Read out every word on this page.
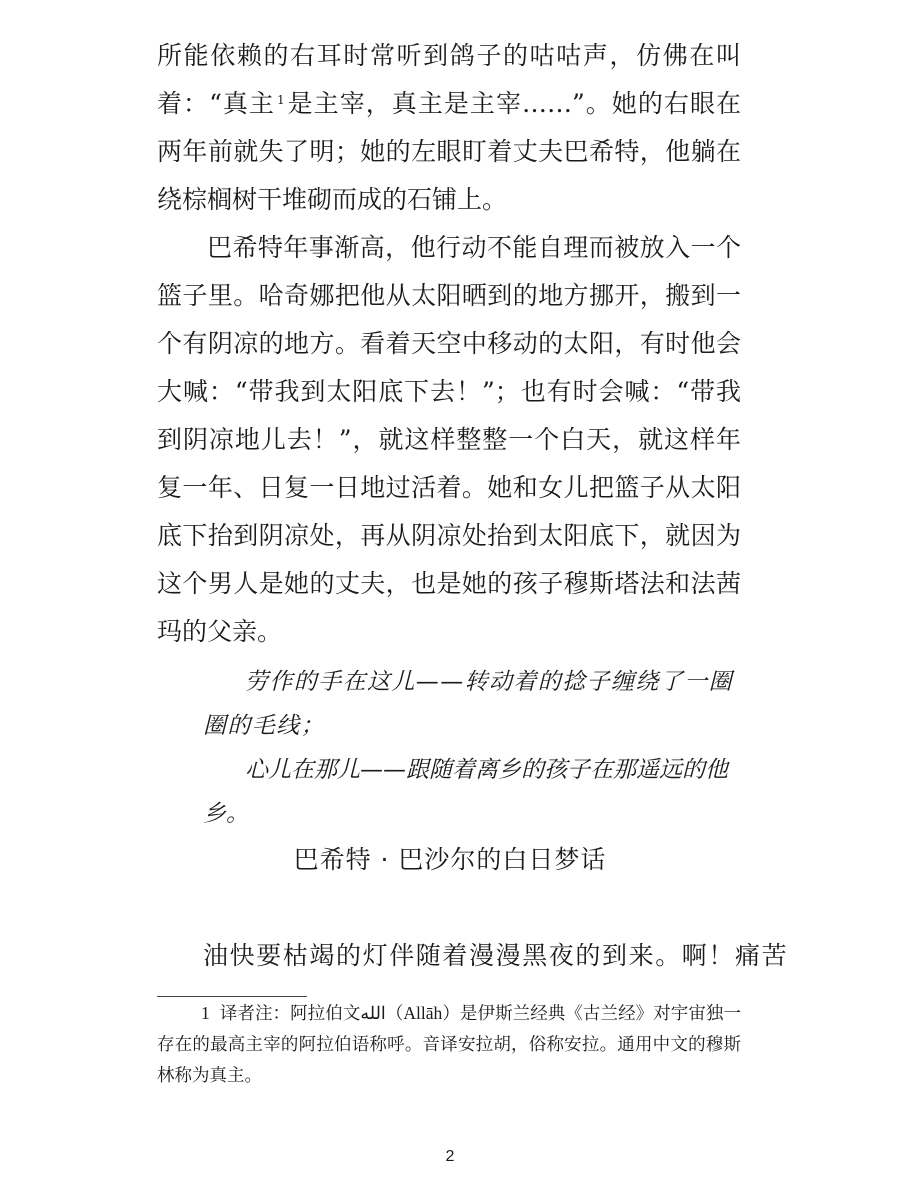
所能依赖的右耳时常听到鸽子的咕咕声，仿佛在叫着：“真主 $^1$是主宰，真主是主宰……”。她的右眼在两年前就失了明；她的左眼盯着丈夫巴希特，他躺在绕棕榈树干堆砌而成的石铺上。

巴希特年事渐高，他行动不能自理而被放入一个篮子里。哈奇娜把他从太阳晒到的地方挪开，搬到一个有阴凉的地方。看着天空中移动的太阳，有时他会大喊：“带我到太阳底下去！”；也有时会喊：“带我到阴凉地儿去！”，就这样整整一个白天，就这样年复一年、日复一日地过活着。她和女儿把篮子从太阳底下抬到阴凉处，再从阴凉处抬到太阳底下，就因为这个男人是她的丈夫，也是她的孩子穆斯塔法和法茜玛的父亲。

劳作的手在这儿——转动着的捻子缠绕了一圈圈的毛线；

心儿在那儿——跟随着离乡的孩子在那遥远的他乡。

巴希特 · 巴沙尔的白日梦话

油快要枯竭的灯伴随着漫漫黑夜的到来。啊！痛苦

1 译者注：阿拉伯文الله（Allāh）是伊斯兰经典《古兰经》对宇宙独一存在的最高主宰的阿拉伯语称呼。音译安拉胡，俗称安拉。通用中文的穆斯林称为真主。

2
